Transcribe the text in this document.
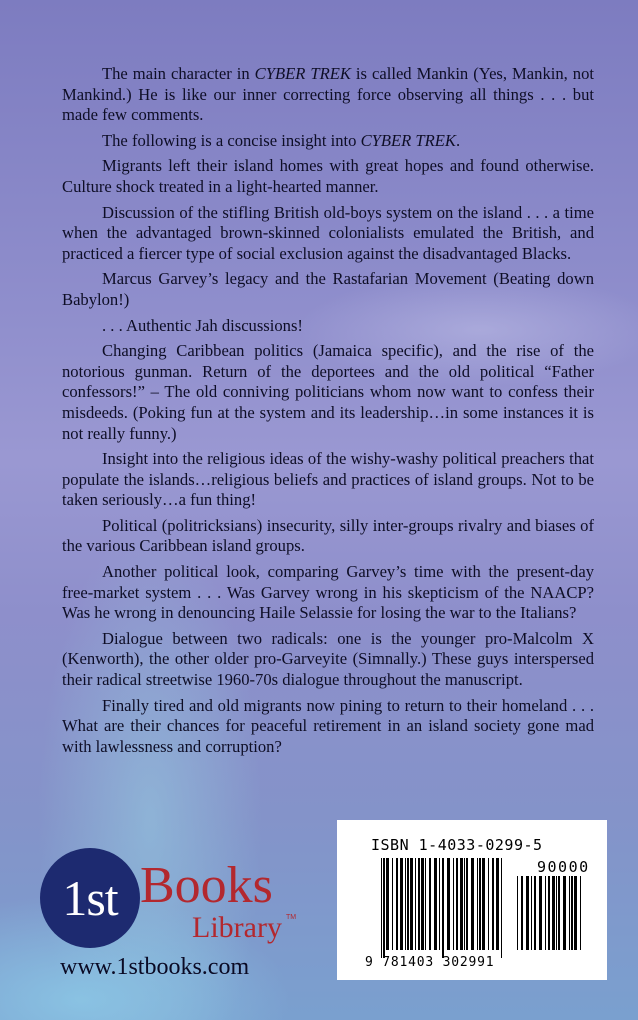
The main character in CYBER TREK is called Mankin (Yes, Mankin, not Mankind.) He is like our inner correcting force observing all things . . . but made few comments.

The following is a concise insight into CYBER TREK.

Migrants left their island homes with great hopes and found otherwise. Culture shock treated in a light-hearted manner.

Discussion of the stifling British old-boys system on the island . . . a time when the advantaged brown-skinned colonialists emulated the British, and practiced a fiercer type of social exclusion against the disadvantaged Blacks.

Marcus Garvey’s legacy and the Rastafarian Movement (Beating down Babylon!)

. . . Authentic Jah discussions!

Changing Caribbean politics (Jamaica specific), and the rise of the notorious gunman. Return of the deportees and the old political “Father confessors!” – The old conniving politicians whom now want to confess their misdeeds. (Poking fun at the system and its leadership…in some instances it is not really funny.)

Insight into the religious ideas of the wishy-washy political preachers that populate the islands…religious beliefs and practices of island groups. Not to be taken seriously…a fun thing!

Political (politricksians) insecurity, silly inter-groups rivalry and biases of the various Caribbean island groups.

Another political look, comparing Garvey’s time with the present-day free-market system . . . Was Garvey wrong in his skepticism of the NAACP? Was he wrong in denouncing Haile Selassie for losing the war to the Italians?

Dialogue between two radicals: one is the younger pro-Malcolm X (Kenworth), the other older pro-Garveyite (Simnally.) These guys interspersed their radical streetwise 1960-70s dialogue throughout the manuscript.

Finally tired and old migrants now pining to return to their homeland . . . What are their chances for peaceful retirement in an island society gone mad with lawlessness and corruption?

1st Books
Library TM
www.1stbooks.com
ISBN 1-4033-0299-5
90000
9 781403 302991
